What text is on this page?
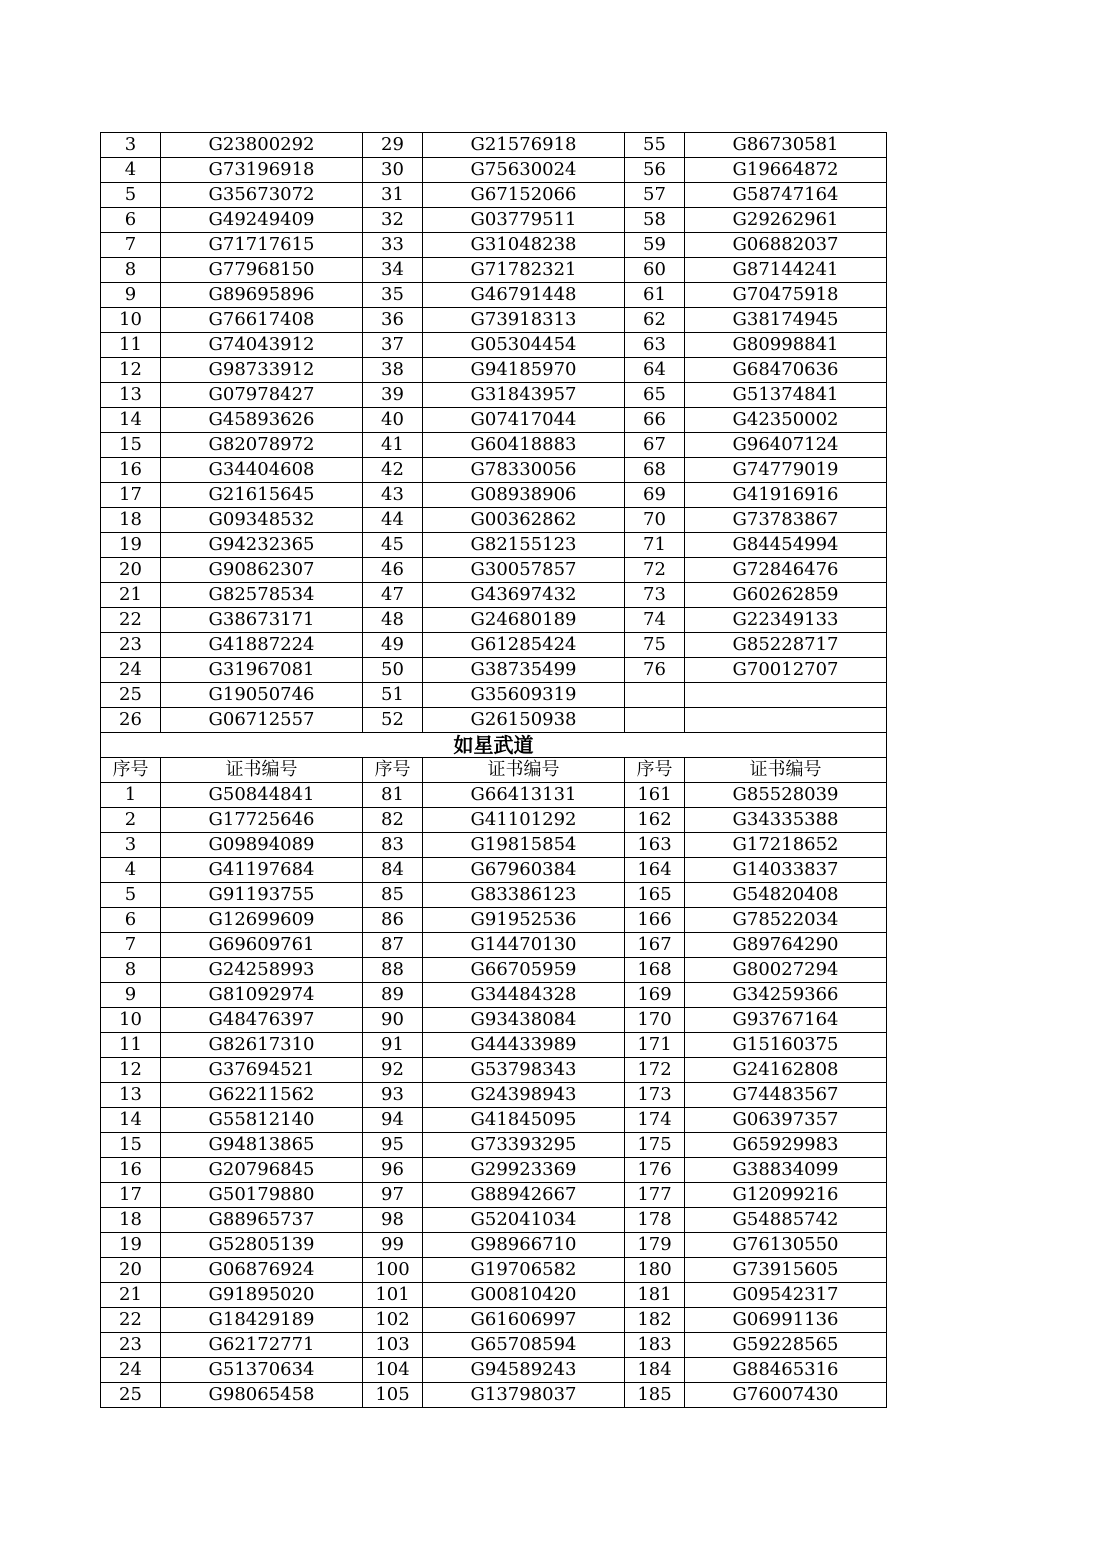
3	G23800292	29	G21576918	55	G86730581
4	G73196918	30	G75630024	56	G19664872
5	G35673072	31	G67152066	57	G58747164
6	G49249409	32	G03779511	58	G29262961
7	G71717615	33	G31048238	59	G06882037
8	G77968150	34	G71782321	60	G87144241
9	G89695896	35	G46791448	61	G70475918
10	G76617408	36	G73918313	62	G38174945
11	G74043912	37	G05304454	63	G80998841
12	G98733912	38	G94185970	64	G68470636
13	G07978427	39	G31843957	65	G51374841
14	G45893626	40	G07417044	66	G42350002
15	G82078972	41	G60418883	67	G96407124
16	G34404608	42	G78330056	68	G74779019
17	G21615645	43	G08938906	69	G41916916
18	G09348532	44	G00362862	70	G73783867
19	G94232365	45	G82155123	71	G84454994
20	G90862307	46	G30057857	72	G72846476
21	G82578534	47	G43697432	73	G60262859
22	G38673171	48	G24680189	74	G22349133
23	G41887224	49	G61285424	75	G85228717
24	G31967081	50	G38735499	76	G70012707
25	G19050746	51	G35609319		
26	G06712557	52	G26150938		
如星武道					
序号	证书编号	序号	证书编号	序号	证书编号
1	G50844841	81	G66413131	161	G85528039
2	G17725646	82	G41101292	162	G34335388
3	G09894089	83	G19815854	163	G17218652
4	G41197684	84	G67960384	164	G14033837
5	G91193755	85	G83386123	165	G54820408
6	G12699609	86	G91952536	166	G78522034
7	G69609761	87	G14470130	167	G89764290
8	G24258993	88	G66705959	168	G80027294
9	G81092974	89	G34484328	169	G34259366
10	G48476397	90	G93438084	170	G93767164
11	G82617310	91	G44433989	171	G15160375
12	G37694521	92	G53798343	172	G24162808
13	G62211562	93	G24398943	173	G74483567
14	G55812140	94	G41845095	174	G06397357
15	G94813865	95	G73393295	175	G65929983
16	G20796845	96	G29923369	176	G38834099
17	G50179880	97	G88942667	177	G12099216
18	G88965737	98	G52041034	178	G54885742
19	G52805139	99	G98966710	179	G76130550
20	G06876924	100	G19706582	180	G73915605
21	G91895020	101	G00810420	181	G09542317
22	G18429189	102	G61606997	182	G06991136
23	G62172771	103	G65708594	183	G59228565
24	G51370634	104	G94589243	184	G88465316
25	G98065458	105	G13798037	185	G76007430
